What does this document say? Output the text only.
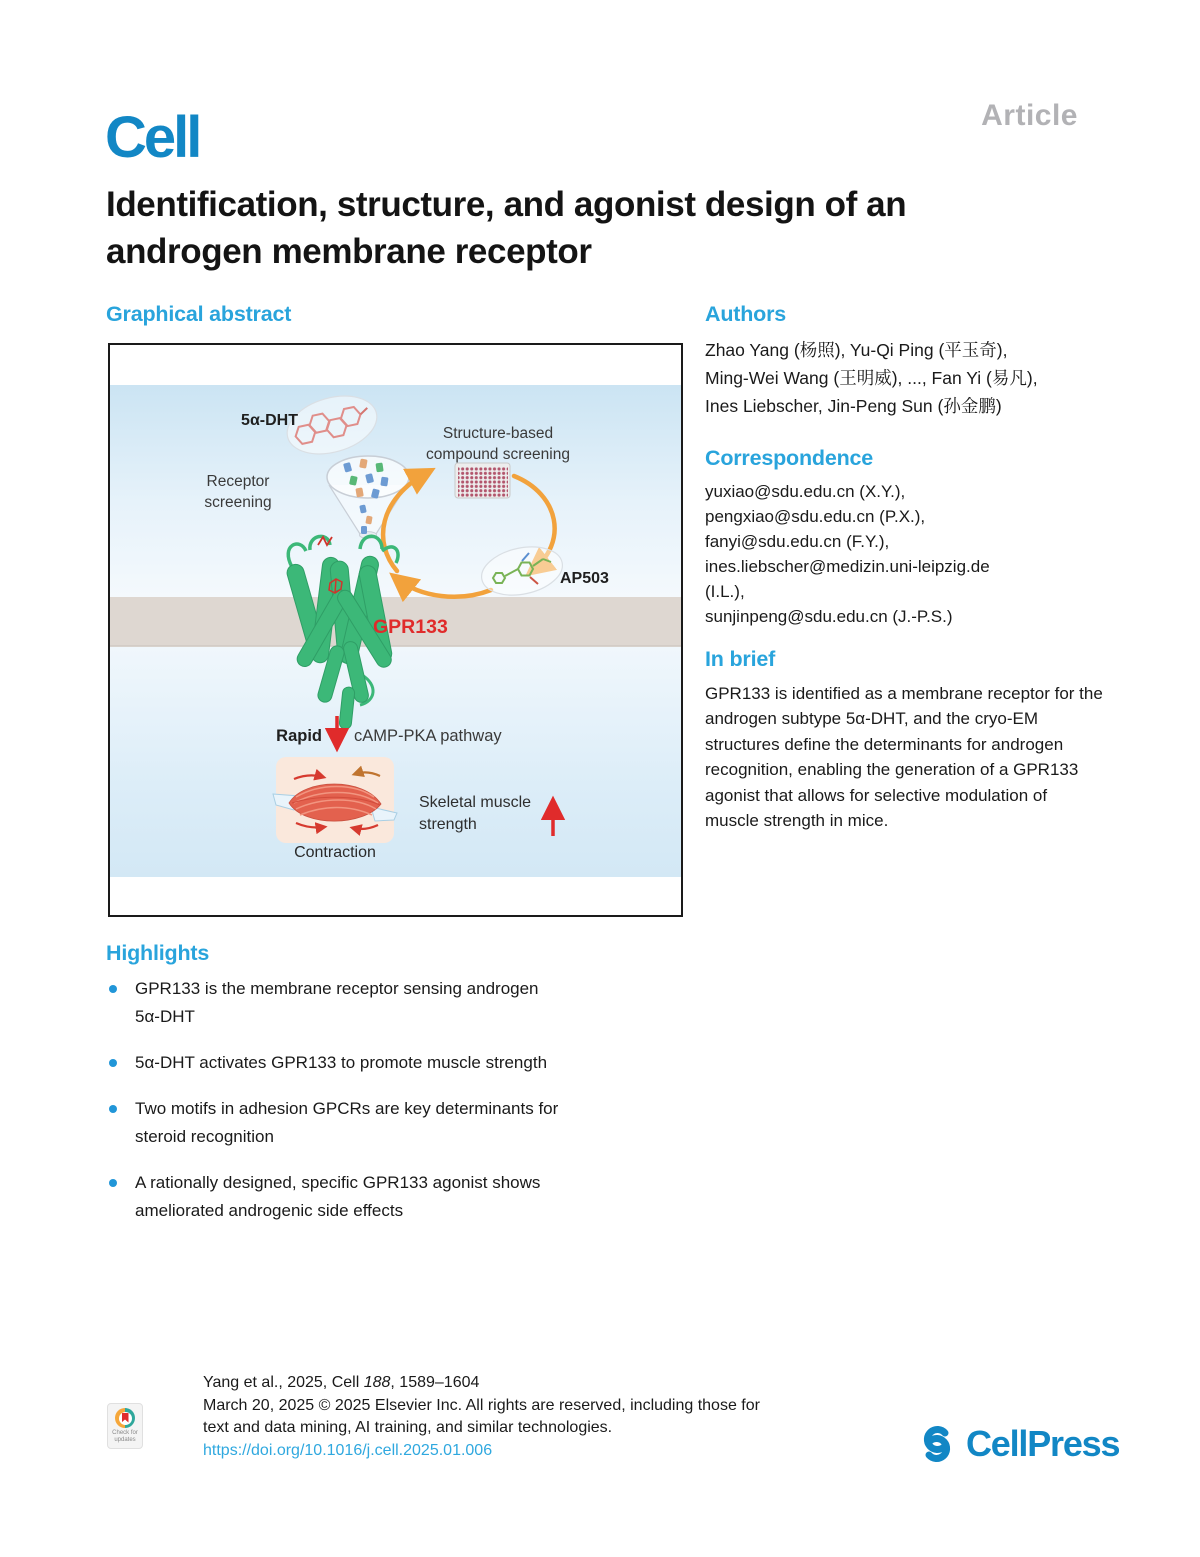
Cell	Article
Identification, structure, and agonist design of an
androgen membrane receptor
Graphical abstract
5α-DHT
Receptor
screening
Structure-based
compound screening
AP503
GPR133
Rapid cAMP-PKA pathway
Skeletal muscle
strength
Contraction
Authors
Zhao Yang (杨照), Yu-Qi Ping (平玉奇),
Ming-Wei Wang (王明威), ..., Fan Yi (易凡),
Ines Liebscher, Jin-Peng Sun (孙金鹏)
Correspondence
yuxiao@sdu.edu.cn (X.Y.),
pengxiao@sdu.edu.cn (P.X.),
fanyi@sdu.edu.cn (F.Y.),
ines.liebscher@medizin.uni-leipzig.de
(I.L.),
sunjinpeng@sdu.edu.cn (J.-P.S.)
In brief
GPR133 is identified as a membrane receptor for the androgen subtype 5α-DHT, and the cryo-EM structures define the determinants for androgen recognition, enabling the generation of a GPR133 agonist that allows for selective modulation of muscle strength in mice.
Highlights
GPR133 is the membrane receptor sensing androgen
5α-DHT
5α-DHT activates GPR133 to promote muscle strength
Two motifs in adhesion GPCRs are key determinants for
steroid recognition
A rationally designed, specific GPR133 agonist shows
ameliorated androgenic side effects
Yang et al., 2025, Cell 188, 1589–1604
March 20, 2025 © 2025 Elsevier Inc. All rights are reserved, including those for
text and data mining, AI training, and similar technologies.
https://doi.org/10.1016/j.cell.2025.01.006
Check for
updates	CellPress
